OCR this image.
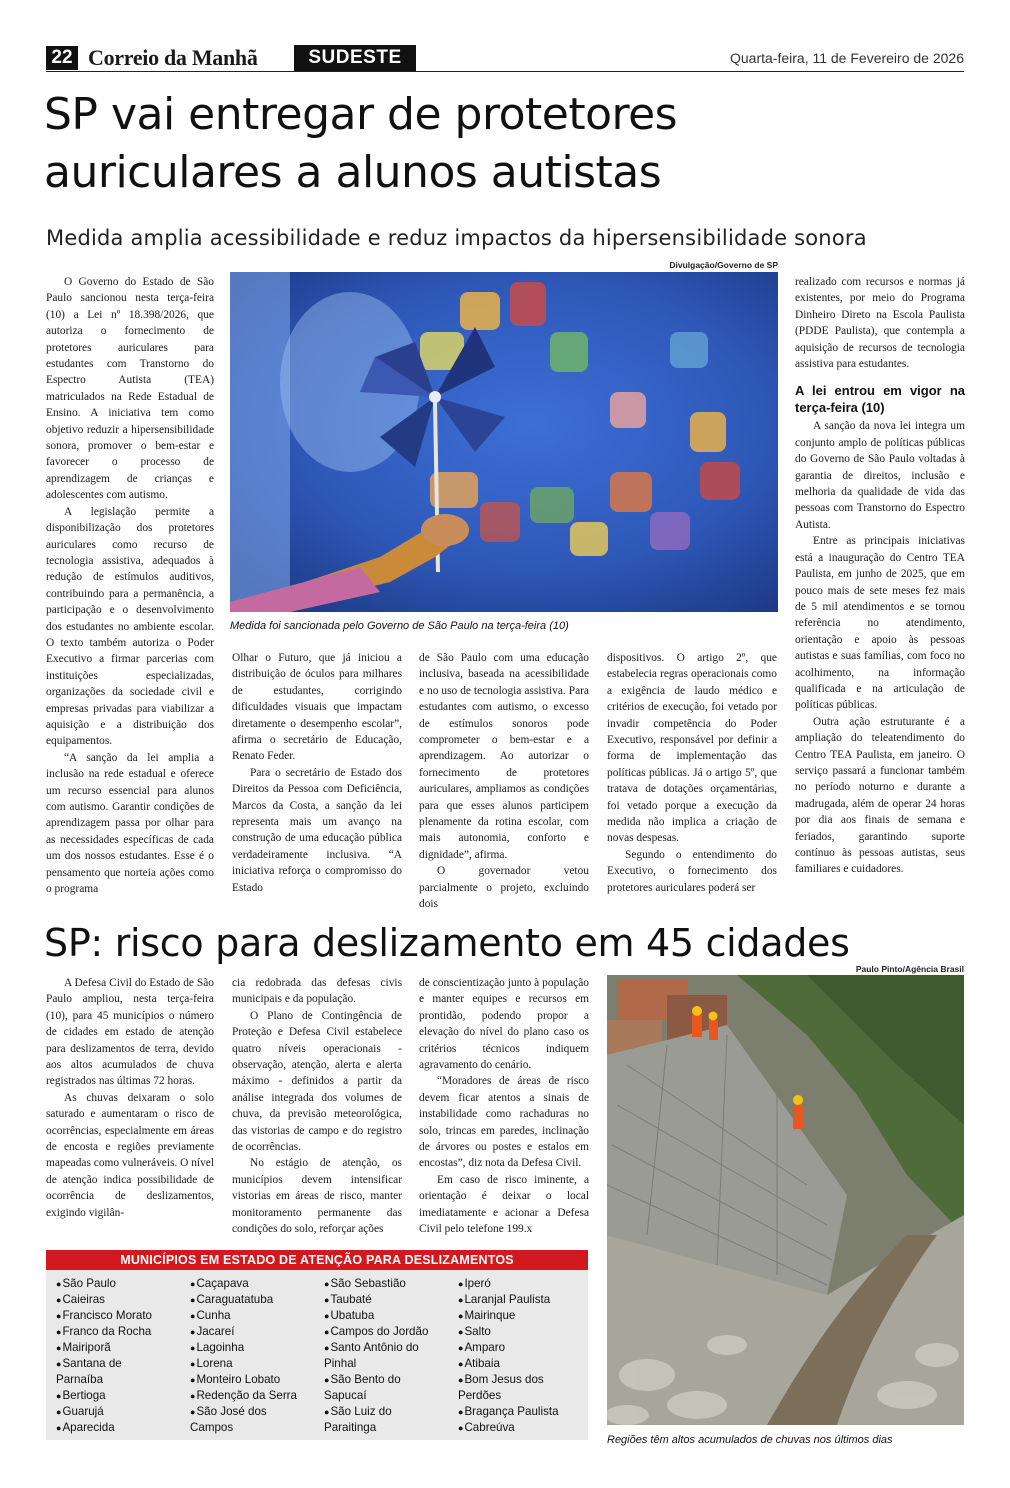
22 Correio da Manhã	SUDESTE	Quarta-feira, 11 de Fevereiro de 2026
SP vai entregar de protetores
auriculares a alunos autistas
Medida amplia acessibilidade e reduz impactos da hipersensibilidade sonora
Divulgação/Governo de SP
Medida foi sancionada pelo Governo de São Paulo na terça-feira (10)

O Governo do Estado de São Paulo sancionou nesta terça-feira (10) a Lei nº 18.398/2026, que autoriza o fornecimento de protetores auriculares para estudantes com Transtorno do Espectro Autista (TEA) matriculados na Rede Estadual de Ensino. A iniciativa tem como objetivo reduzir a hipersensibilidade sonora, promover o bem-estar e favorecer o processo de aprendizagem de crianças e adolescentes com autismo.

A legislação permite a disponibilização dos protetores auriculares como recurso de tecnologia assistiva, adequados à redução de estímulos auditivos, contribuindo para a permanência, a participação e o desenvolvimento dos estudantes no ambiente escolar. O texto também autoriza o Poder Executivo a firmar parcerias com instituições especializadas, organizações da sociedade civil e empresas privadas para viabilizar a aquisição e a distribuição dos equipamentos.

“A sanção da lei amplia a inclusão na rede estadual e oferece um recurso essencial para alunos com autismo. Garantir condições de aprendizagem passa por olhar para as necessidades específicas de cada um dos nossos estudantes. Esse é o pensamento que norteia ações como o programa

Olhar o Futuro, que já iniciou a distribuição de óculos para milhares de estudantes, corrigindo dificuldades visuais que impactam diretamente o desempenho escolar”, afirma o secretário de Educação, Renato Feder.

Para o secretário de Estado dos Direitos da Pessoa com Deficiência, Marcos da Costa, a sanção da lei representa mais um avanço na construção de uma educação pública verdadeiramente inclusiva. “A iniciativa reforça o compromisso do Estado

de São Paulo com uma educação inclusiva, baseada na acessibilidade e no uso de tecnologia assistiva. Para estudantes com autismo, o excesso de estímulos sonoros pode comprometer o bem-estar e a aprendizagem. Ao autorizar o fornecimento de protetores auriculares, ampliamos as condições para que esses alunos participem plenamente da rotina escolar, com mais autonomia, conforto e dignidade”, afirma.

O governador vetou parcialmente o projeto, excluindo dois

dispositivos. O artigo 2º, que estabelecia regras operacionais como a exigência de laudo médico e critérios de execução, foi vetado por invadir competência do Poder Executivo, responsável por definir a forma de implementação das políticas públicas. Já o artigo 5º, que tratava de dotações orçamentárias, foi vetado porque a execução da medida não implica a criação de novas despesas.

Segundo o entendimento do Executivo, o fornecimento dos protetores auriculares poderá ser

realizado com recursos e normas já existentes, por meio do Programa Dinheiro Direto na Escola Paulista (PDDE Paulista), que contempla a aquisição de recursos de tecnologia assistiva para estudantes.

A lei entrou em vigor na terça-feira (10)

A sanção da nova lei integra um conjunto amplo de políticas públicas do Governo de São Paulo voltadas à garantia de direitos, inclusão e melhoria da qualidade de vida das pessoas com Transtorno do Espectro Autista.

Entre as principais iniciativas está a inauguração do Centro TEA Paulista, em junho de 2025, que em pouco mais de sete meses fez mais de 5 mil atendimentos e se tornou referência no atendimento, orientação e apoio às pessoas autistas e suas famílias, com foco no acolhimento, na informação qualificada e na articulação de políticas públicas.

Outra ação estruturante é a ampliação do teleatendimento do Centro TEA Paulista, em janeiro. O serviço passará a funcionar também no período noturno e durante a madrugada, além de operar 24 horas por dia aos finais de semana e feriados, garantindo suporte contínuo às pessoas autistas, seus familiares e cuidadores.

SP: risco para deslizamento em 45 cidades

A Defesa Civil do Estado de São Paulo ampliou, nesta terça-feira (10), para 45 municípios o número de cidades em estado de atenção para deslizamentos de terra, devido aos altos acumulados de chuva registrados nas últimas 72 horas.

As chuvas deixaram o solo saturado e aumentaram o risco de ocorrências, especialmente em áreas de encosta e regiões previamente mapeadas como vulneráveis. O nível de atenção indica possibilidade de ocorrência de deslizamentos, exigindo vigilân-

cia redobrada das defesas civis municipais e da população.

O Plano de Contingência de Proteção e Defesa Civil estabelece quatro níveis operacionais - observação, atenção, alerta e alerta máximo - definidos a partir da análise integrada dos volumes de chuva, da previsão meteorológica, das vistorias de campo e do registro de ocorrências.

No estágio de atenção, os municípios devem intensificar vistorias em áreas de risco, manter monitoramento permanente das condições do solo, reforçar ações

de conscientização junto à população e manter equipes e recursos em prontidão, podendo propor a elevação do nível do plano caso os critérios técnicos indiquem agravamento do cenário.

“Moradores de áreas de risco devem ficar atentos a sinais de instabilidade como rachaduras no solo, trincas em paredes, inclinação de árvores ou postes e estalos em encostas”, diz nota da Defesa Civil.

Em caso de risco iminente, a orientação é deixar o local imediatamente e acionar a Defesa Civil pelo telefone 199.x

Paulo Pinto/Agência Brasil
Regiões têm altos acumulados de chuvas nos últimos dias
MUNICÍPIOS EM ESTADO DE ATENÇÃO PARA DESLIZAMENTOS
● São Paulo
● Caieiras
● Francisco Morato
● Franco da Rocha
● Mairiporã
● Santana de Parnaíba
● Bertioga
● Guarujá
● Aparecida
● Caçapava
● Caraguatatuba
● Cunha
● Jacareí
● Lagoinha
● Lorena
● Monteiro Lobato
● Redenção da Serra
● São José dos Campos
● São Sebastião
● Taubaté
● Ubatuba
● Campos do Jordão
● Santo Antônio do Pinhal
● São Bento do Sapucaí
● São Luiz do Paraitinga
● Iperó
● Laranjal Paulista
● Mairinque
● Salto
● Amparo
● Atibaia
● Bom Jesus dos Perdões
● Bragança Paulista
● Cabreúva
